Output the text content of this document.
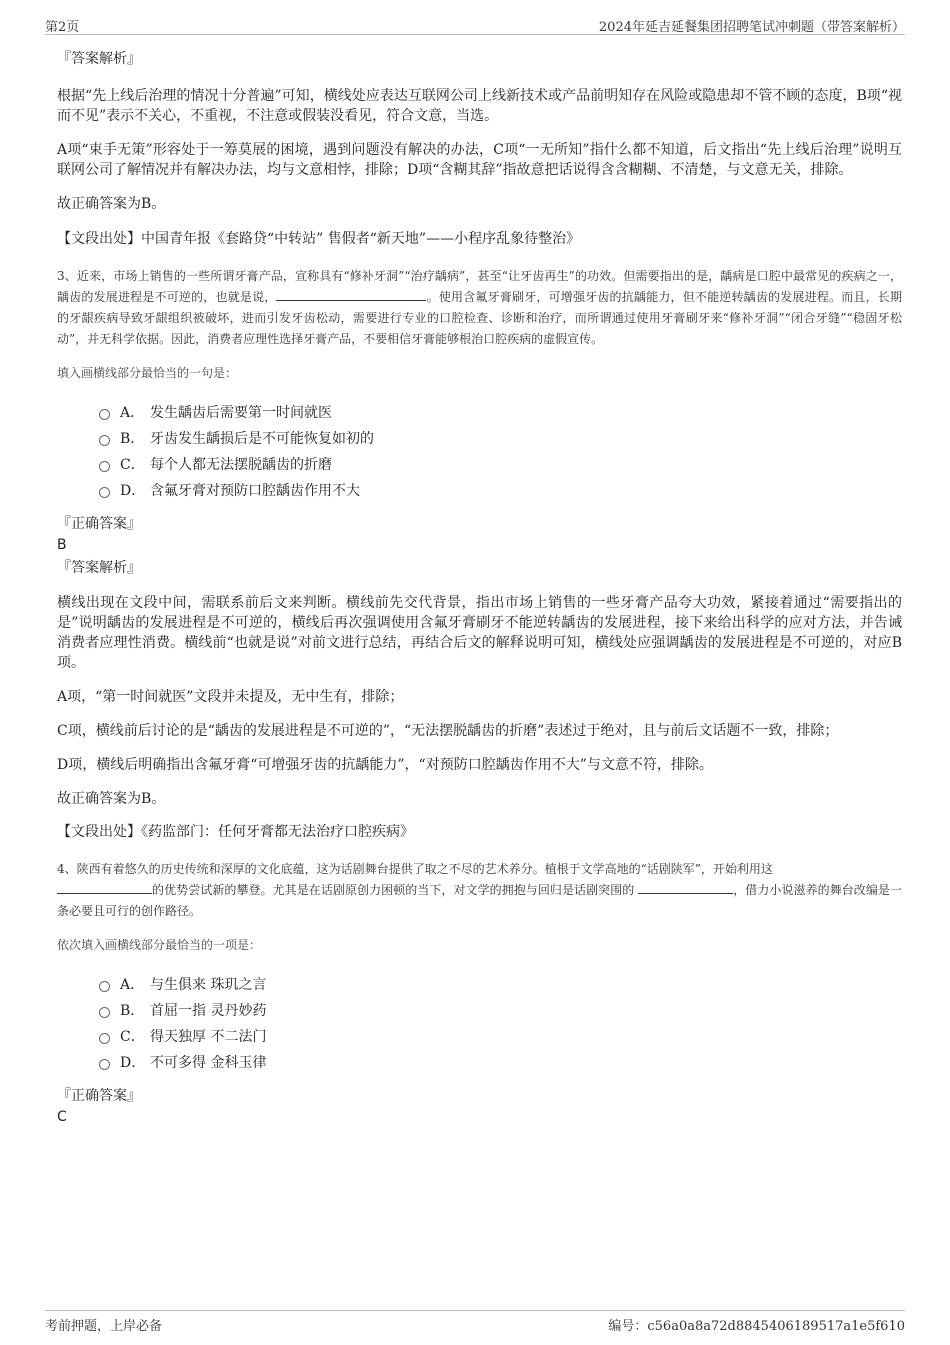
第2页	2024年延吉延餐集团招聘笔试冲刺题（带答案解析）
『答案解析』

根据“先上线后治理的情况十分普遍”可知，横线处应表达互联网公司上线新技术或产品前明知存在风险或隐患却不管不顾的态度，B项“视而不见”表示不关心，不重视，不注意或假装没看见，符合文意，当选。

A项“束手无策”形容处于一筹莫展的困境，遇到问题没有解决的办法，C项“一无所知”指什么都不知道，后文指出“先上线后治理”说明互联网公司了解情况并有解决办法，均与文意相悖，排除；D项“含糊其辞”指故意把话说得含含糊糊、不清楚，与文意无关，排除。

故正确答案为B。

【文段出处】中国青年报《套路贷“中转站” 售假者“新天地”——小程序乱象待整治》

3、近来，市场上销售的一些所谓牙膏产品，宣称具有“修补牙洞”“治疗龋病”，甚至“让牙齿再生”的功效。但需要指出的是，龋病是口腔中最常见的疾病之一，龋齿的发展进程是不可逆的，也就是说，	。使用含氟牙膏刷牙，可增强牙齿的抗龋能力，但不能逆转龋齿的发展进程。而且，长期的牙龈疾病导致牙龈组织被破坏，进而引发牙齿松动，需要进行专业的口腔检查、诊断和治疗，而所谓通过使用牙膏刷牙来“修补牙洞”“闭合牙缝”“稳固牙松动”，并无科学依据。因此，消费者应理性选择牙膏产品，不要相信牙膏能够根治口腔疾病的虚假宣传。

填入画横线部分最恰当的一句是：
A． 发生龋齿后需要第一时间就医
B． 牙齿发生龋损后是不可能恢复如初的
C． 每个人都无法摆脱龋齿的折磨
D． 含氟牙膏对预防口腔龋齿作用不大
『正确答案』
B
『答案解析』

横线出现在文段中间，需联系前后文来判断。横线前先交代背景，指出市场上销售的一些牙膏产品夸大功效，紧接着通过“需要指出的是”说明龋齿的发展进程是不可逆的，横线后再次强调使用含氟牙膏刷牙不能逆转龋齿的发展进程，接下来给出科学的应对方法，并告诫消费者应理性消费。横线前“也就是说”对前文进行总结，再结合后文的解释说明可知，横线处应强调龋齿的发展进程是不可逆的，对应B项。

A项，“第一时间就医”文段并未提及，无中生有，排除；

C项，横线前后讨论的是“龋齿的发展进程是不可逆的”，“无法摆脱龋齿的折磨”表述过于绝对，且与前后文话题不一致，排除；

D项，横线后明确指出含氟牙膏“可增强牙齿的抗龋能力”，“对预防口腔龋齿作用不大”与文意不符，排除。

故正确答案为B。

【文段出处】《药监部门：任何牙膏都无法治疗口腔疾病》

4、陕西有着悠久的历史传统和深厚的文化底蕴，这为话剧舞台提供了取之不尽的艺术养分。植根于文学高地的“话剧陕军”，开始利用这
的优势尝试新的攀登。尤其是在话剧原创力困顿的当下，对文学的拥抱与回归是话剧突围的	，借力小说滋养的舞台改编是一条必要且可行的创作路径。

依次填入画横线部分最恰当的一项是：
A． 与生俱来 珠玑之言
B． 首屈一指 灵丹妙药
C． 得天独厚 不二法门
D． 不可多得 金科玉律
『正确答案』
C
考前押题，上岸必备	编号：c56a0a8a72d8845406189517a1e5f610
